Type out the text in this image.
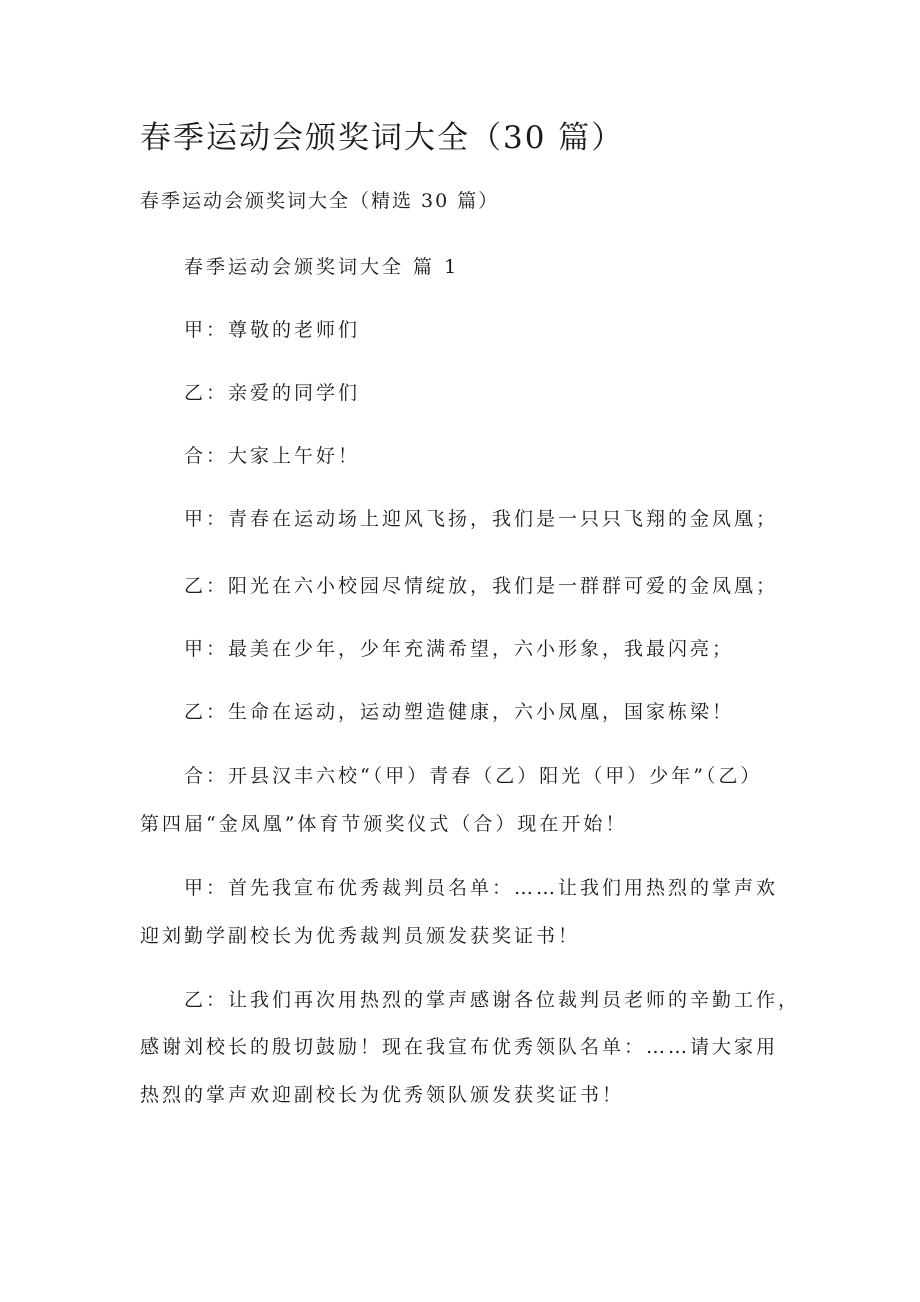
春季运动会颁奖词大全（30 篇）

春季运动会颁奖词大全（精选 30 篇）

春季运动会颁奖词大全 篇 1

甲：尊敬的老师们

乙：亲爱的同学们

合：大家上午好！

甲：青春在运动场上迎风飞扬，我们是一只只飞翔的金凤凰；

乙：阳光在六小校园尽情绽放，我们是一群群可爱的金凤凰；

甲：最美在少年，少年充满希望，六小形象，我最闪亮；

乙：生命在运动，运动塑造健康，六小凤凰，国家栋梁！

合：开县汉丰六校“（甲）青春（乙）阳光（甲）少年”（乙）

第四届“金凤凰”体育节颁奖仪式（合）现在开始！

甲：首先我宣布优秀裁判员名单：……让我们用热烈的掌声欢

迎刘勤学副校长为优秀裁判员颁发获奖证书！

乙：让我们再次用热烈的掌声感谢各位裁判员老师的辛勤工作，

感谢刘校长的殷切鼓励！现在我宣布优秀领队名单：……请大家用

热烈的掌声欢迎副校长为优秀领队颁发获奖证书！
